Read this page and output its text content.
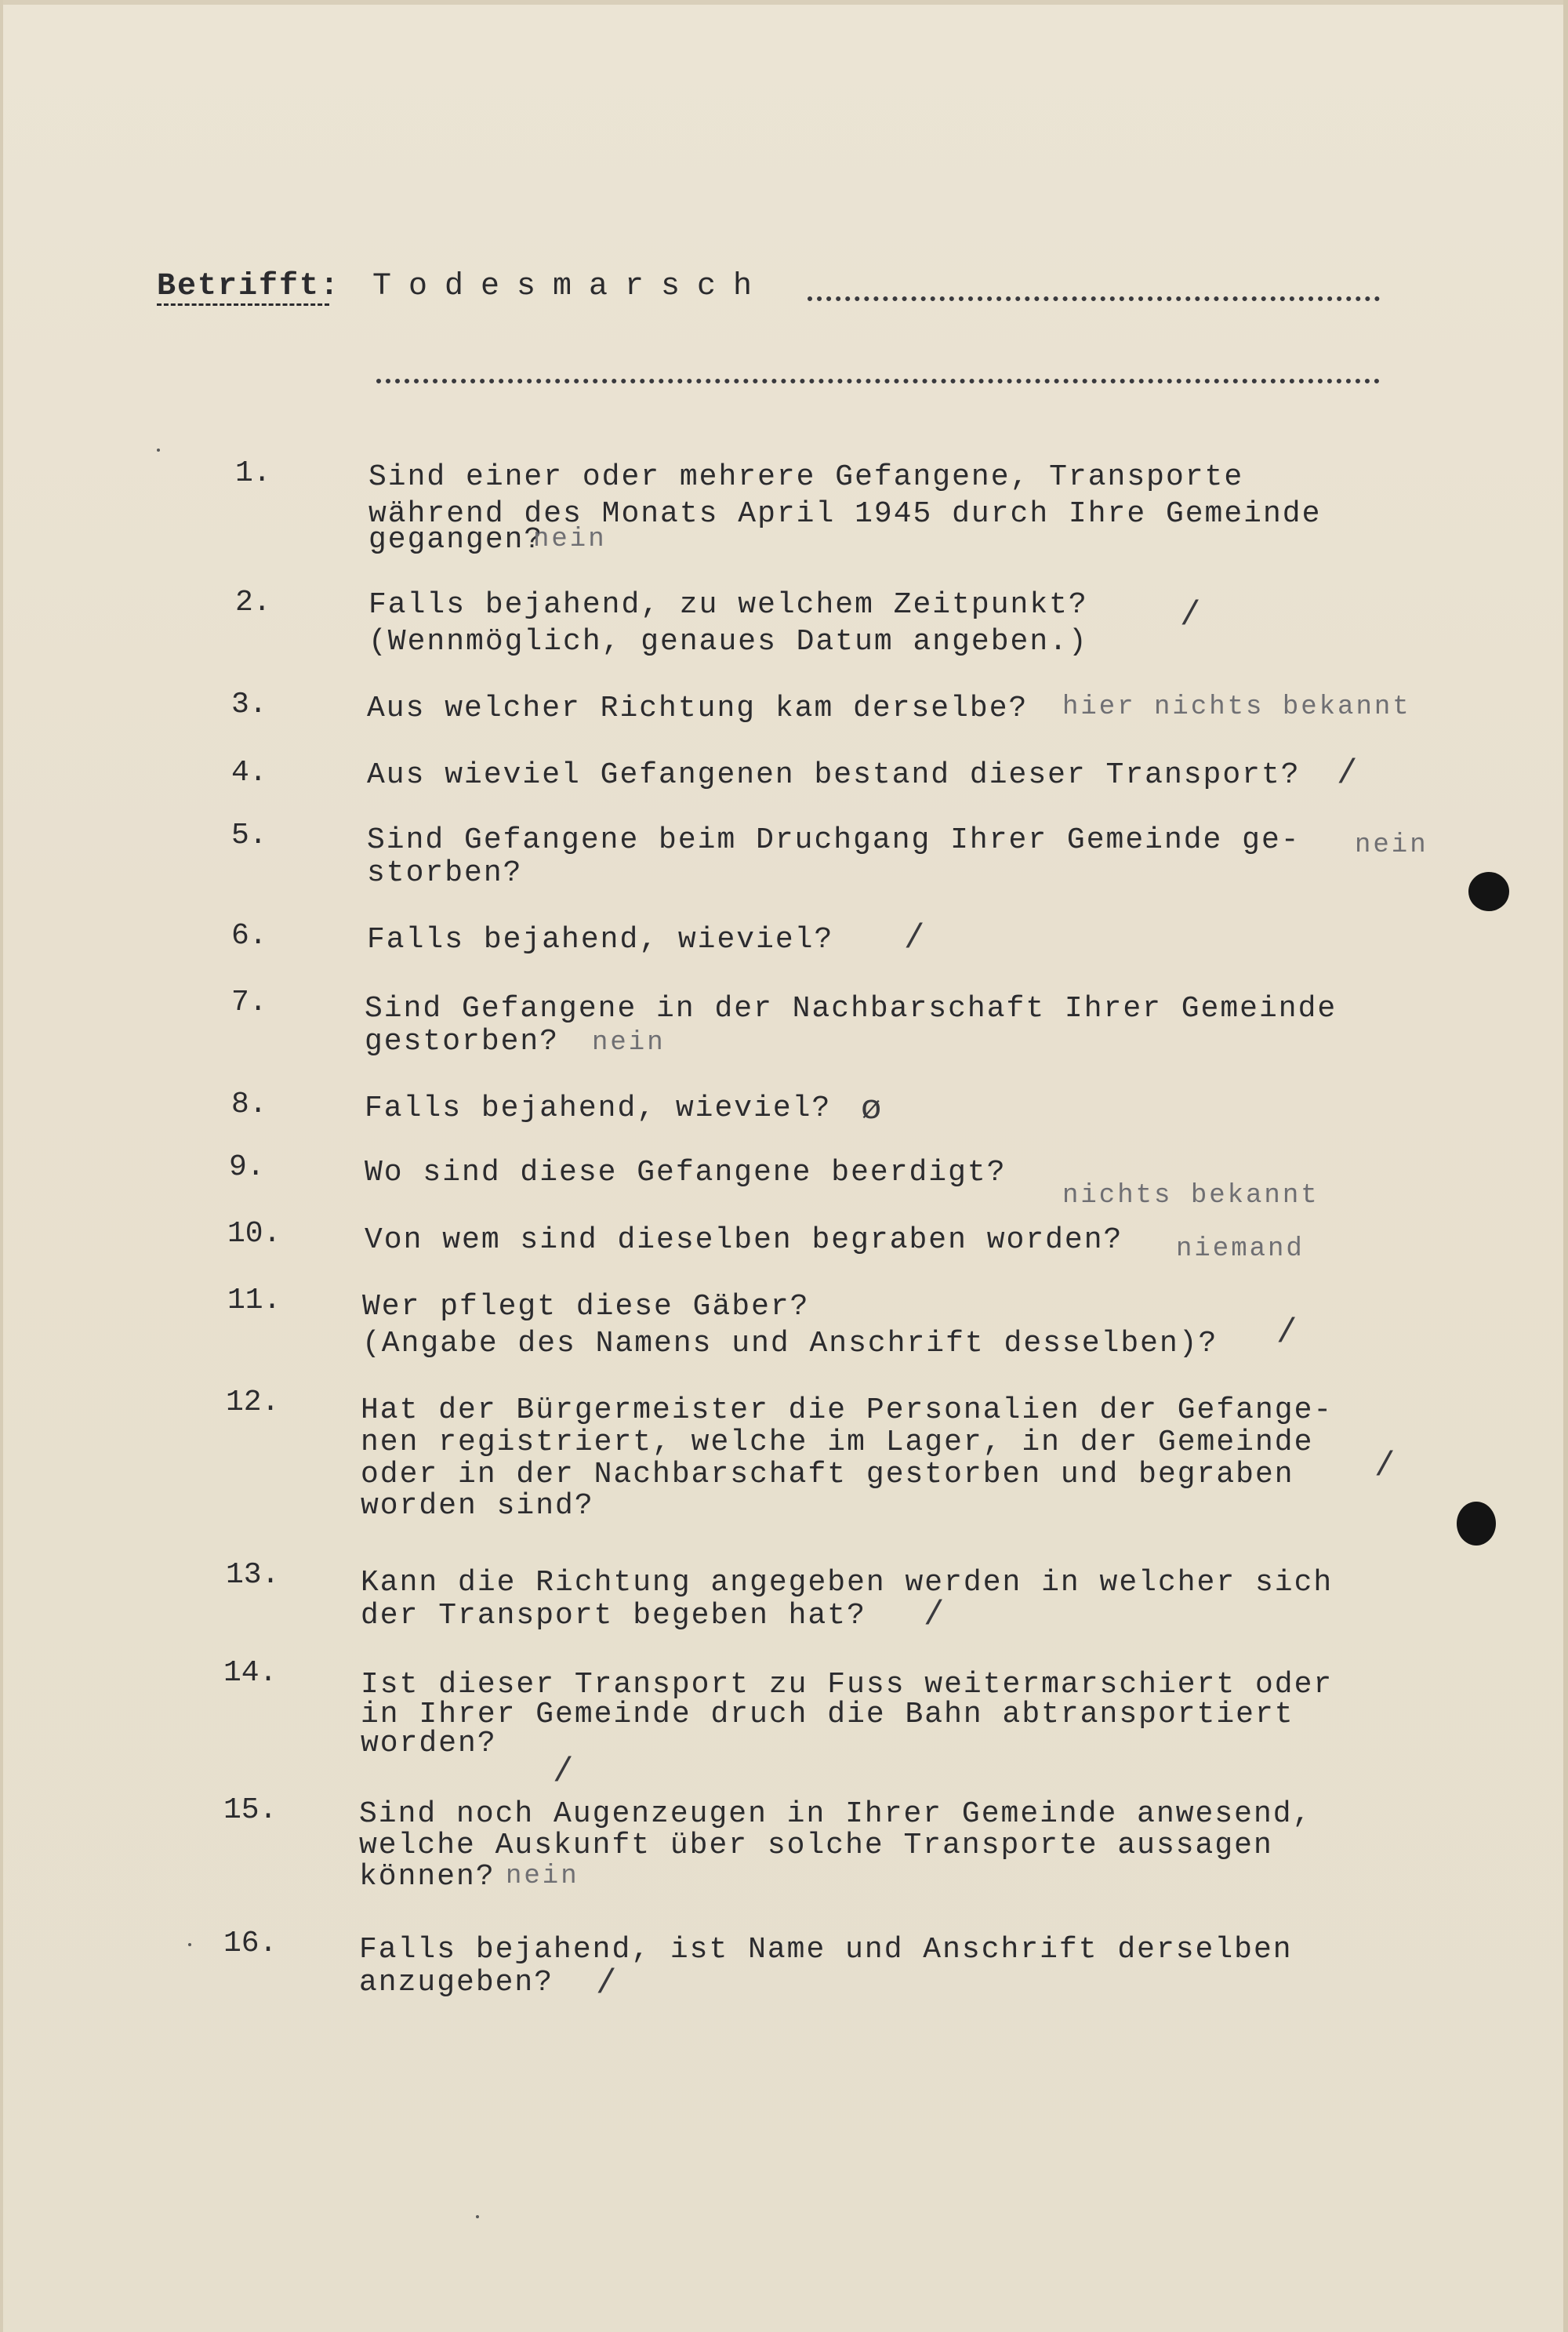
Betrifft: Todesmarsch
1.	Sind einer oder mehrere Gefangene, Transporte
während des Monats April 1945 durch Ihre Gemeinde
gegangen?
nein
2.	Falls bejahend, zu welchem Zeitpunkt?
(Wennmöglich, genaues Datum angeben.)
/
3.	Aus welcher Richtung kam derselbe? hier nichts bekannt
4.	Aus wieviel Gefangenen bestand dieser Transport? /
5.	Sind Gefangene beim Druchgang Ihrer Gemeinde ge-
storben?
nein
6.	Falls bejahend, wieviel? /
7.	Sind Gefangene in der Nachbarschaft Ihrer Gemeinde
gestorben? nein
8.	Falls bejahend, wieviel? ø
9.	Wo sind diese Gefangene beerdigt?
nichts bekannt
10.	Von wem sind dieselben begraben worden? niemand
11.	Wer pflegt diese Gäber?
(Angabe des Namens und Anschrift desselben)? /
12.	Hat der Bürgermeister die Personalien der Gefange-
nen registriert, welche im Lager, in der Gemeinde
oder in der Nachbarschaft gestorben und begraben
worden sind?
/
13.	Kann die Richtung angegeben werden in welcher sich
der Transport begeben hat? /
14.	Ist dieser Transport zu Fuss weitermarschiert oder
in Ihrer Gemeinde druch die Bahn abtransportiert
worden?
/
15.	Sind noch Augenzeugen in Ihrer Gemeinde anwesend,
welche Auskunft über solche Transporte aussagen
können? nein
16.	Falls bejahend, ist Name und Anschrift derselben
anzugeben? /
